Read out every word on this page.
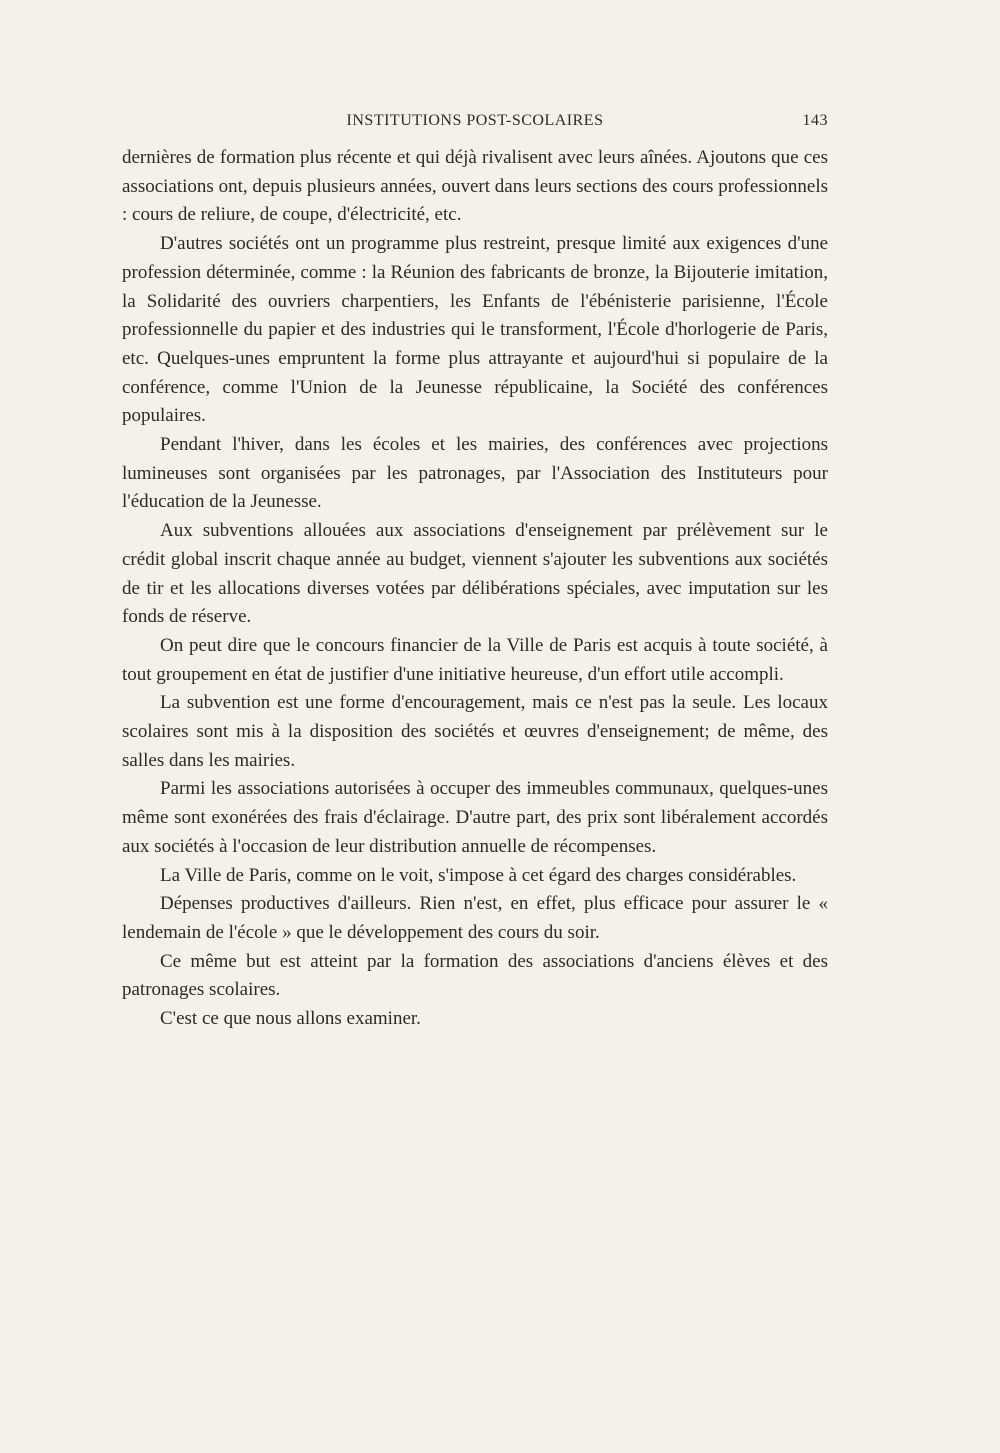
INSTITUTIONS POST-SCOLAIRES	143

dernières de formation plus récente et qui déjà rivalisent avec leurs aînées. Ajoutons que ces associations ont, depuis plusieurs années, ouvert dans leurs sections des cours professionnels : cours de reliure, de coupe, d'électricité, etc.

D'autres sociétés ont un programme plus restreint, presque limité aux exigences d'une profession déterminée, comme : la Réunion des fabricants de bronze, la Bijouterie imitation, la Solidarité des ouvriers charpentiers, les Enfants de l'ébénisterie parisienne, l'École professionnelle du papier et des industries qui le transforment, l'École d'horlogerie de Paris, etc. Quelques-unes empruntent la forme plus attrayante et aujourd'hui si populaire de la conférence, comme l'Union de la Jeunesse républicaine, la Société des conférences populaires.

Pendant l'hiver, dans les écoles et les mairies, des conférences avec projections lumineuses sont organisées par les patronages, par l'Association des Instituteurs pour l'éducation de la Jeunesse.

Aux subventions allouées aux associations d'enseignement par prélèvement sur le crédit global inscrit chaque année au budget, viennent s'ajouter les subventions aux sociétés de tir et les allocations diverses votées par délibérations spéciales, avec imputation sur les fonds de réserve.

On peut dire que le concours financier de la Ville de Paris est acquis à toute société, à tout groupement en état de justifier d'une initiative heureuse, d'un effort utile accompli.

La subvention est une forme d'encouragement, mais ce n'est pas la seule. Les locaux scolaires sont mis à la disposition des sociétés et œuvres d'enseignement; de même, des salles dans les mairies.

Parmi les associations autorisées à occuper des immeubles communaux, quelques-unes même sont exonérées des frais d'éclairage. D'autre part, des prix sont libéralement accordés aux sociétés à l'occasion de leur distribution annuelle de récompenses.

La Ville de Paris, comme on le voit, s'impose à cet égard des charges considérables.

Dépenses productives d'ailleurs. Rien n'est, en effet, plus efficace pour assurer le « lendemain de l'école » que le développement des cours du soir.

Ce même but est atteint par la formation des associations d'anciens élèves et des patronages scolaires.

C'est ce que nous allons examiner.
